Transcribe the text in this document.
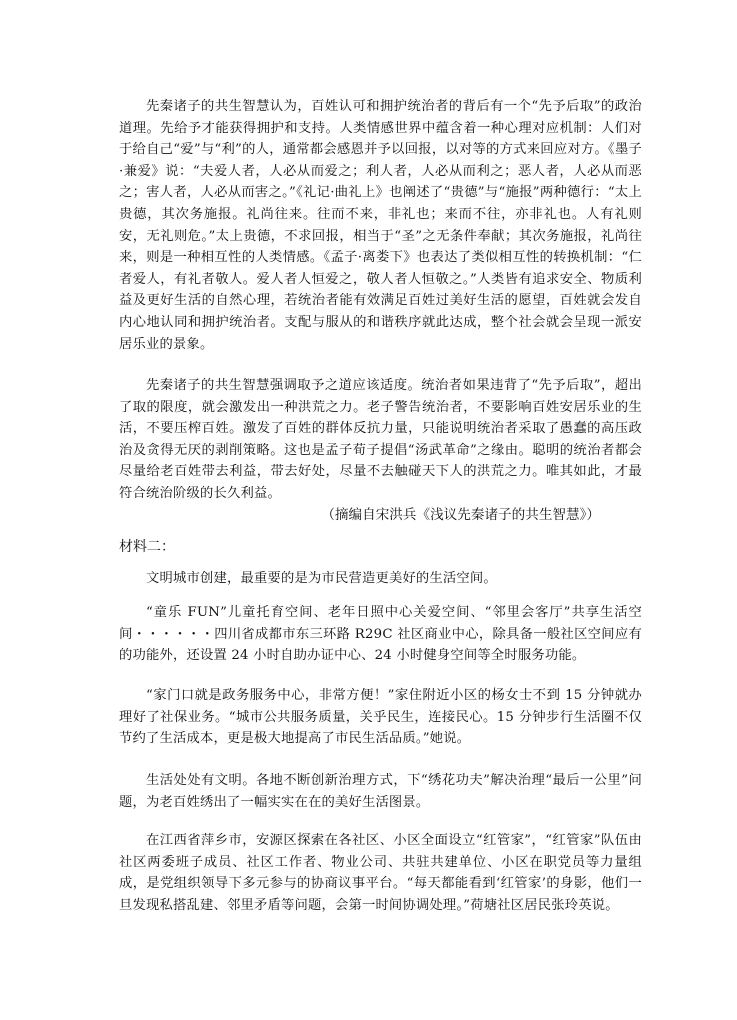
先秦诸子的共生智慧认为，百姓认可和拥护统治者的背后有一个“先予后取”的政治道理。先给予才能获得拥护和支持。人类情感世界中蕴含着一种心理对应机制：人们对于给自己“爱”与“利”的人，通常都会感恩并予以回报，以对等的方式来回应对方。《墨子·兼爱》说：“夫爱人者，人必从而爱之；利人者，人必从而利之；恶人者，人必从而恶之；害人者，人必从而害之。”《礼记·曲礼上》也阐述了“贵德”与“施报”两种德行：“太上贵德，其次务施报。礼尚往来。往而不来，非礼也；来而不往，亦非礼也。人有礼则安，无礼则危。”太上贵德，不求回报，相当于“圣”之无条件奉献；其次务施报，礼尚往来，则是一种相互性的人类情感。《孟子·离娄下》也表达了类似相互性的转换机制：“仁者爱人，有礼者敬人。爱人者人恒爱之，敬人者人恒敬之。”人类皆有追求安全、物质利益及更好生活的自然心理，若统治者能有效满足百姓过美好生活的愿望，百姓就会发自内心地认同和拥护统治者。支配与服从的和谐秩序就此达成，整个社会就会呈现一派安居乐业的景象。

先秦诸子的共生智慧强调取予之道应该适度。统治者如果违背了“先予后取”，超出了取的限度，就会激发出一种洪荒之力。老子警告统治者，不要影响百姓安居乐业的生活，不要压榨百姓。激发了百姓的群体反抗力量，只能说明统治者采取了愚蠢的高压政治及贪得无厌的剥削策略。这也是孟子荀子提倡“汤武革命”之缘由。聪明的统治者都会尽量给老百姓带去利益，带去好处，尽量不去触碰天下人的洪荒之力。唯其如此，才最符合统治阶级的长久利益。

（摘编自宋洪兵《浅议先秦诸子的共生智慧》）

材料二：

文明城市创建，最重要的是为市民营造更美好的生活空间。

“童乐 FUN”儿童托育空间、老年日照中心关爱空间、“邻里会客厅”共享生活空间・・・・・・四川省成都市东三环路 R29C 社区商业中心，除具备一般社区空间应有的功能外，还设置 24 小时自助办证中心、24 小时健身空间等全时服务功能。

“家门口就是政务服务中心，非常方便！”家住附近小区的杨女士不到 15 分钟就办理好了社保业务。“城市公共服务质量，关乎民生，连接民心。15 分钟步行生活圈不仅节约了生活成本，更是极大地提高了市民生活品质。”她说。

生活处处有文明。各地不断创新治理方式，下“绣花功夫”解决治理“最后一公里”问题，为老百姓绣出了一幅实实在在的美好生活图景。

在江西省萍乡市，安源区探索在各社区、小区全面设立“红管家”，“红管家”队伍由社区两委班子成员、社区工作者、物业公司、共驻共建单位、小区在职党员等力量组成，是党组织领导下多元参与的协商议事平台。“每天都能看到‘红管家’的身影，他们一旦发现私搭乱建、邻里矛盾等问题，会第一时间协调处理。”荷塘社区居民张玲英说。
